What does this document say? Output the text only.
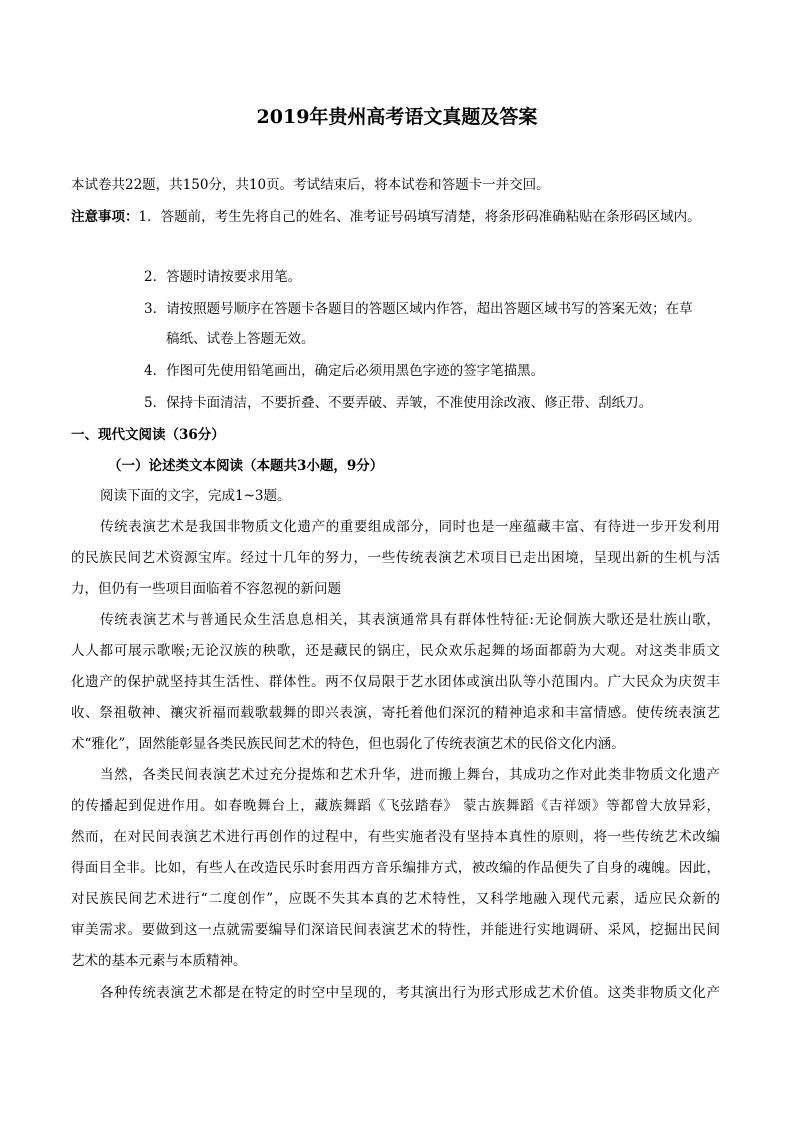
2019年贵州高考语文真题及答案
本试卷共22题，共150分，共10页。考试结束后，将本试卷和答题卡一并交回。
注意事项：1．答题前，考生先将自己的姓名、准考证号码填写清楚，将条形码准确粘贴在条形码区域内。
2．答题时请按要求用笔。
3．请按照题号顺序在答题卡各题目的答题区域内作答，超出答题区域书写的答案无效；在草
稿纸、试卷上答题无效。
4．作图可先使用铅笔画出，确定后必须用黑色字迹的签字笔描黑。
5．保持卡面清洁，不要折叠、不要弄破、弄皱，不准使用涂改液、修正带、刮纸刀。
一、现代文阅读（36分）
（一）论述类文本阅读（本题共3小题，9分）
阅读下面的文字，完成1~3题。
传统表演艺术是我国非物质文化遗产的重要组成部分，同时也是一座蕴藏丰富、有待进一步开发利用
的民族民间艺术资源宝库。经过十几年的努力，一些传统表演艺术项目已走出困境，呈现出新的生机与活
力，但仍有一些项目面临着不容忽视的新问题
传统表演艺术与普通民众生活息息相关，其表演通常具有群体性特征:无论侗族大歌还是壮族山歌，
人人都可展示歌喉;无论汉族的秧歌，还是藏民的锅庄，民众欢乐起舞的场面都蔚为大观。对这类非质文
化遗产的保护就坚持其生活性、群体性。两不仅局限于艺水团体或演出队等小范围内。广大民众为庆贺丰
收、祭祖敬神、禳灾祈福而载歌载舞的即兴表演，寄托着他们深沉的精神追求和丰富情感。使传统表演艺
术“雅化”，固然能彰显各类民族民间艺术的特色，但也弱化了传统表演艺术的民俗文化内涵。
当然，各类民间表演艺术过充分提炼和艺术升华，进而搬上舞台，其成功之作对此类非物质文化遗产
的传播起到促进作用。如春晚舞台上，藏族舞蹈《飞弦踏春》 蒙古族舞蹈《吉祥颂》等都曾大放异彩，
然而，在对民间表演艺术进行再创作的过程中，有些实施者没有坚持本真性的原则，将一些传统艺术改编
得面目全非。比如，有些人在改造民乐时套用西方音乐编排方式，被改编的作品便失了自身的魂魄。因此，
对民族民间艺术进行“二度创作”，应既不失其本真的艺术特性，又科学地融入现代元素，适应民众新的
审美需求。要做到这一点就需要编导们深谙民间表演艺术的特性，并能进行实地调研、采风，挖掘出民间
艺术的基本元素与本质精神。
各种传统表演艺术都是在特定的时空中呈现的，考其演出行为形式形成艺术价值。这类非物质文化产
